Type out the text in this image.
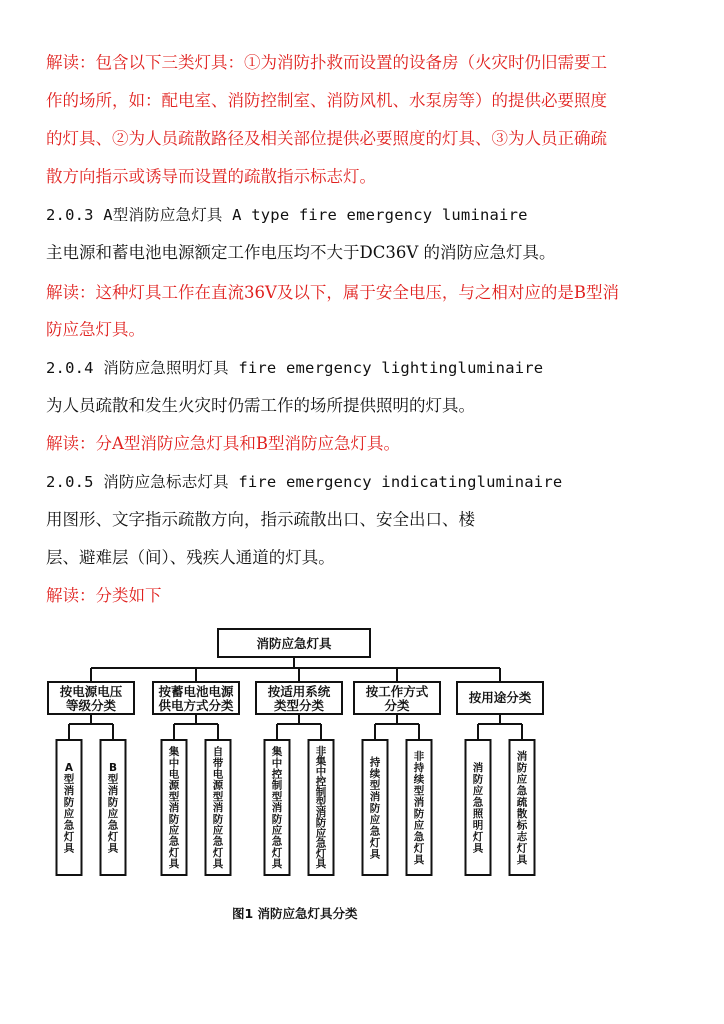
解读：包含以下三类灯具：①为消防扑救而设置的设备房（火灾时仍旧需要工
作的场所，如：配电室、消防控制室、消防风机、水泵房等）的提供必要照度
的灯具、②为人员疏散路径及相关部位提供必要照度的灯具、③为人员正确疏
散方向指示或诱导而设置的疏散指示标志灯。
2.0.3 A型消防应急灯具 A type fire emergency luminaire
主电源和蓄电池电源额定工作电压均不大于DC36V 的消防应急灯具。
解读：这种灯具工作在直流36V及以下，属于安全电压，与之相对应的是B型消
防应急灯具。
2.0.4 消防应急照明灯具 fire emergency lightingluminaire
为人员疏散和发生火灾时仍需工作的场所提供照明的灯具。
解读：分A型消防应急灯具和B型消防应急灯具。
2.0.5 消防应急标志灯具 fire emergency indicatingluminaire
用图形、文字指示疏散方向，指示疏散出口、安全出口、楼
层、避难层（间）、残疾人通道的灯具。
解读：分类如下
消防应急灯具
按电源电压
等级分类
A
型
消
防
应
急
灯
具
B
型
消
防
应
急
灯
具
按蓄电池电源
供电方式分类
集
中
电
源
型
消
防
应
急
灯
具
自
带
电
源
型
消
防
应
急
灯
具
按适用系统
类型分类
集
中
控
制
型
消
防
应
急
灯
具
非
集
中
控
制
型
消
防
应
急
灯
具
按工作方式
分类
持
续
型
消
防
应
急
灯
具
非
持
续
型
消
防
应
急
灯
具
按用途分类
消
防
应
急
照
明
灯
具
消
防
应
急
疏
散
标
志
灯
具
图1 消防应急灯具分类
